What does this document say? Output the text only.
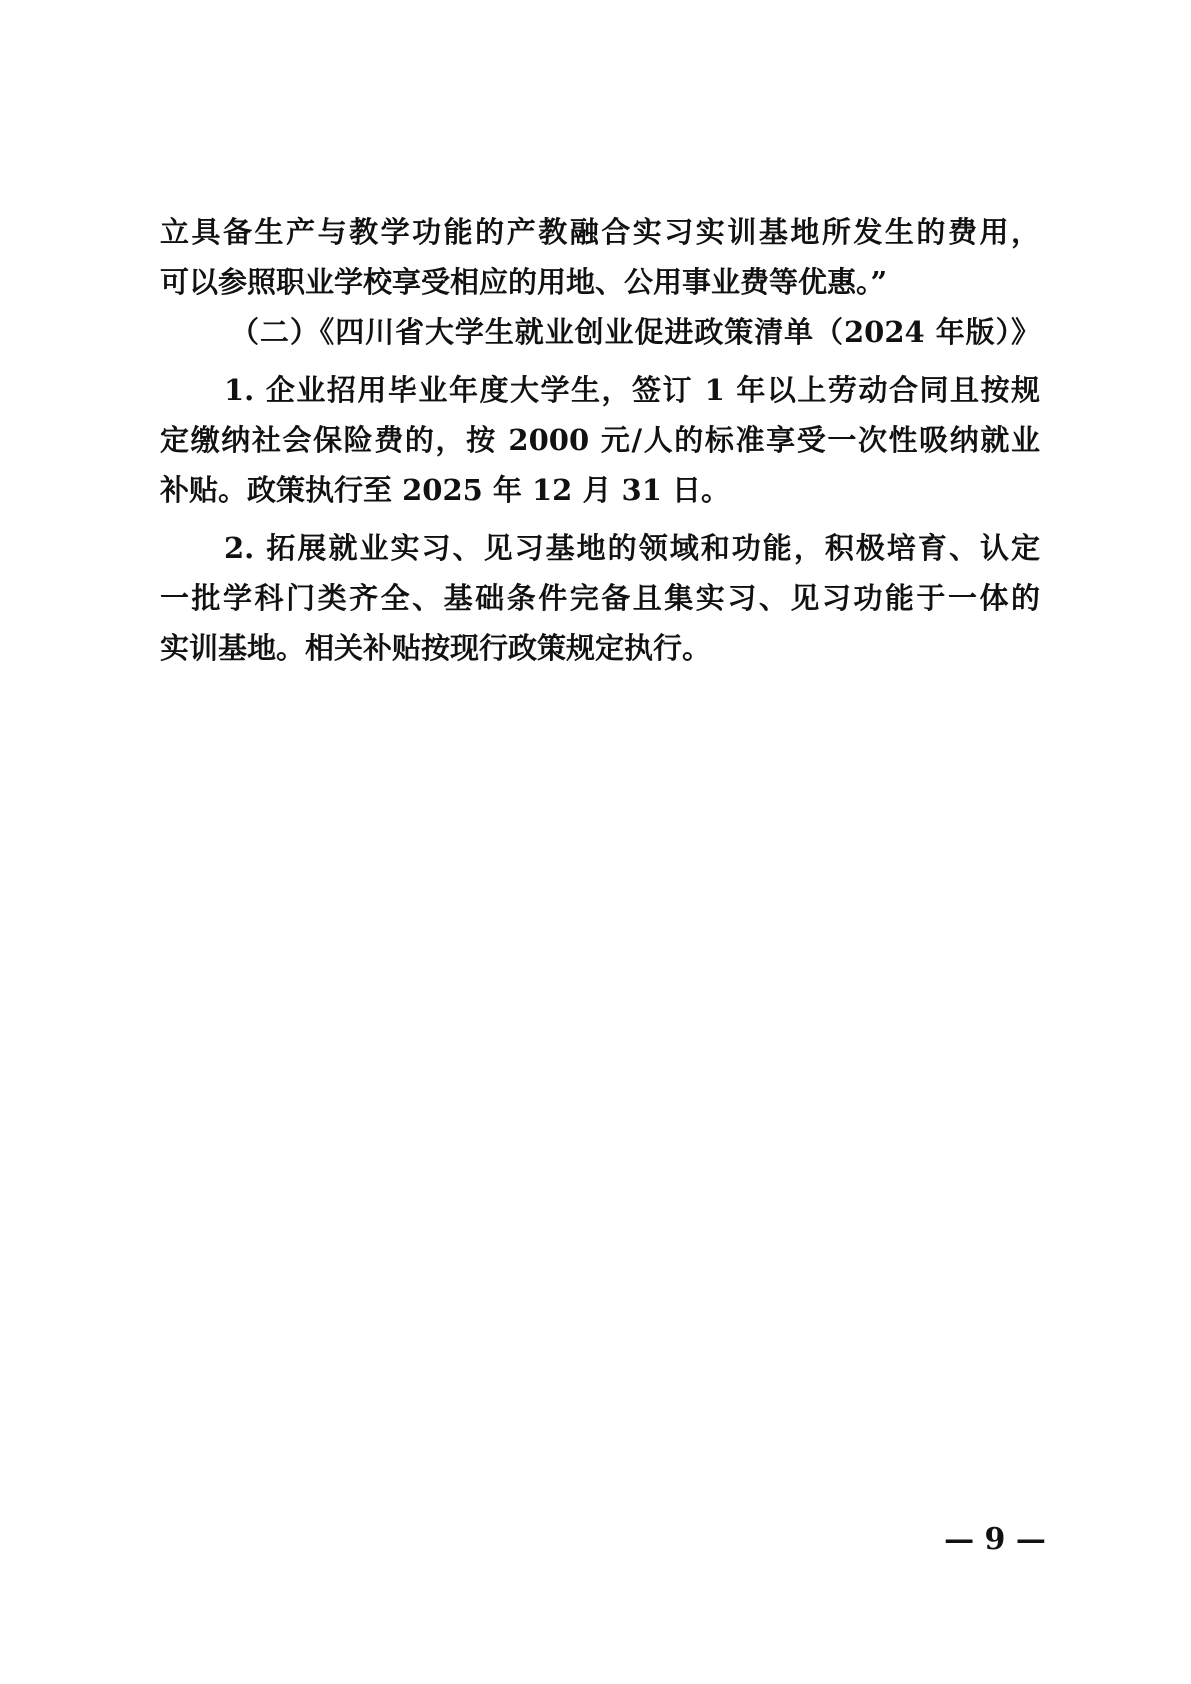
立具备生产与教学功能的产教融合实习实训基地所发生的费用，
可以参照职业学校享受相应的用地、公用事业费等优惠。”
（二）《四川省大学生就业创业促进政策清单（2024 年版）》
1. 企业招用毕业年度大学生，签订 1 年以上劳动合同且按规
定缴纳社会保险费的，按 2000 元/人的标准享受一次性吸纳就业
补贴。政策执行至 2025 年 12 月 31 日。
2. 拓展就业实习、见习基地的领域和功能，积极培育、认定
一批学科门类齐全、基础条件完备且集实习、见习功能于一体的
实训基地。相关补贴按现行政策规定执行。
— 9 —
